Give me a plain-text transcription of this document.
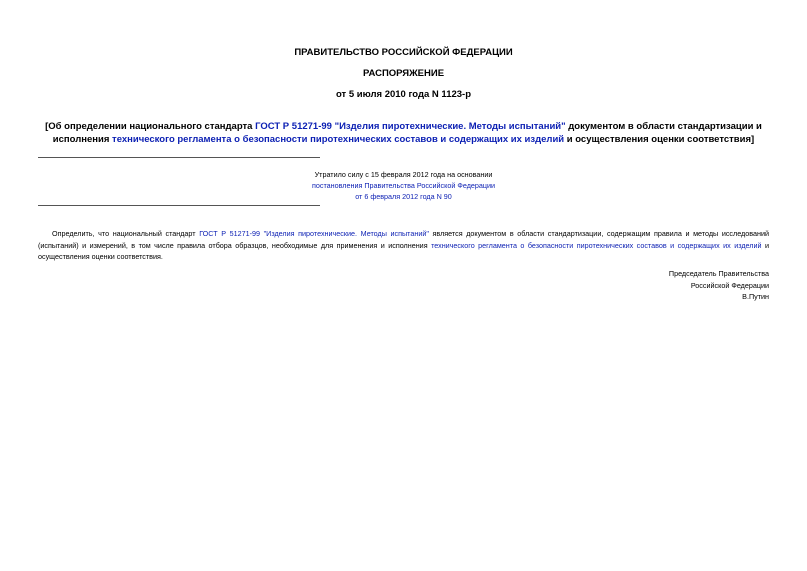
ПРАВИТЕЛЬСТВО РОССИЙСКОЙ ФЕДЕРАЦИИ
РАСПОРЯЖЕНИЕ
от 5 июля 2010 года N 1123-р
[Об определении национального стандарта ГОСТ Р 51271-99 "Изделия пиротехнические. Методы испытаний" документом в области стандартизации и исполнения технического регламента о безопасности пиротехнических составов и содержащих их изделий и осуществления оценки соответствия]
Утратило силу с 15 февраля 2012 года на основании
постановления Правительства Российской Федерации
от 6 февраля 2012 года N 90
Определить, что национальный стандарт ГОСТ Р 51271-99 "Изделия пиротехнические. Методы испытаний" является документом в области стандартизации, содержащим правила и методы исследований (испытаний) и измерений, в том числе правила отбора образцов, необходимые для применения и исполнения технического регламента о безопасности пиротехнических составов и содержащих их изделий и осуществления оценки соответствия.
Председатель Правительства
Российской Федерации
В.Путин
